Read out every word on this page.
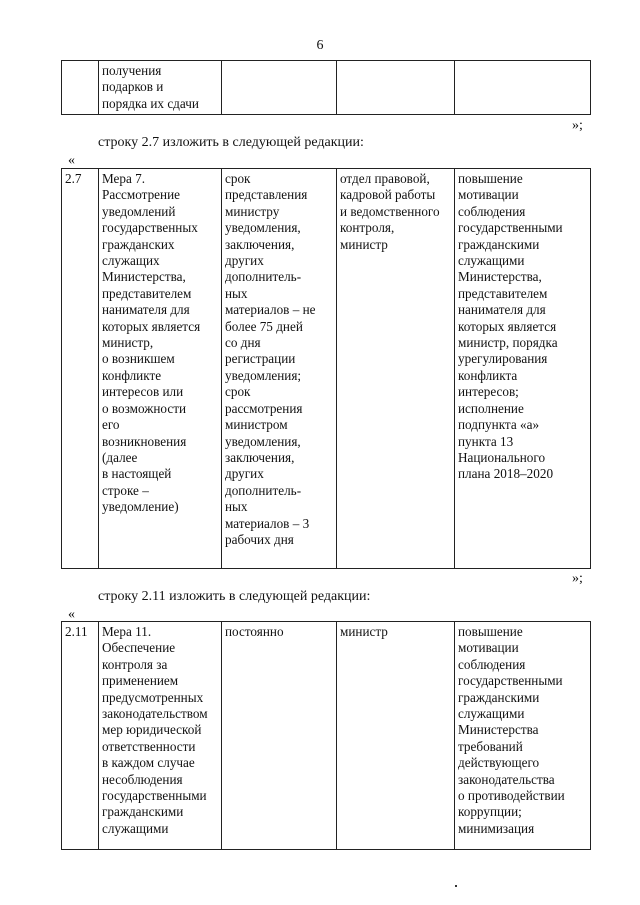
6
	получения
подарков и
порядка их сдачи			
»;
строку 2.7 изложить в следующей редакции:
«
2.7	Мера 7.
Рассмотрение
уведомлений
государственных
гражданских
служащих
Министерства,
представителем
нанимателя для
которых является
министр,
о возникшем
конфликте
интересов или
о возможности
его
возникновения
(далее
в настоящей
строке –
уведомление)	срок
представления
министру
уведомления,
заключения,
других
дополнитель-
ных
материалов – не
более 75 дней
со дня
регистрации
уведомления;
срок
рассмотрения
министром
уведомления,
заключения,
других
дополнитель-
ных
материалов – 3
рабочих дня	отдел правовой,
кадровой работы
и ведомственного
контроля,
министр	повышение
мотивации
соблюдения
государственными
гражданскими
служащими
Министерства,
представителем
нанимателя для
которых является
министр, порядка
урегулирования
конфликта
интересов;
исполнение
подпункта «а»
пункта 13
Национального
плана 2018–2020
»;
строку 2.11 изложить в следующей редакции:
«
2.11	Мера 11.
Обеспечение
контроля за
применением
предусмотренных
законодательством
мер юридической
ответственности
в каждом случае
несоблюдения
государственными
гражданскими
служащими	постоянно	министр	повышение
мотивации
соблюдения
государственными
гражданскими
служащими
Министерства
требований
действующего
законодательства
о противодействии
коррупции;
минимизация
